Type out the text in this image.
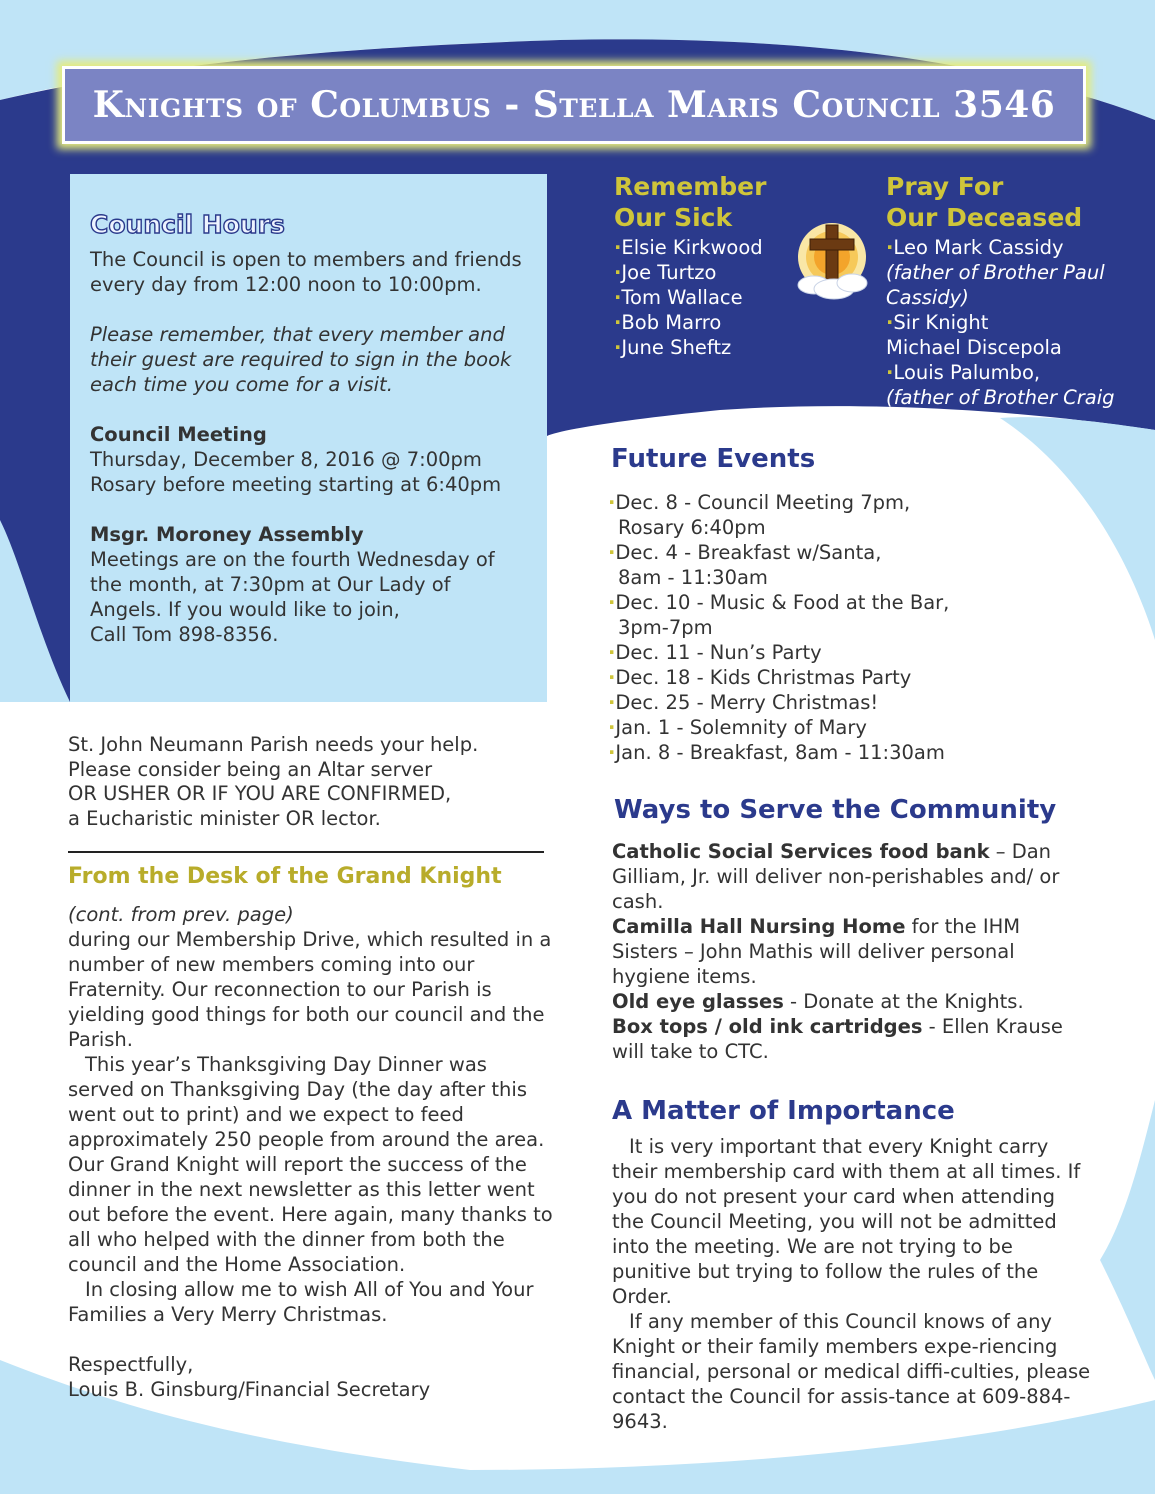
Knights of Columbus - Stella Maris Council 3546
Council Hours
The Council is open to members and friends every day from 12:00 noon to 10:00pm.
Please remember, that every member and their guest are required to sign in the book each time you come for a visit.
Council Meeting
Thursday, December 8, 2016 @ 7:00pm
Rosary before meeting starting at 6:40pm
Msgr. Moroney Assembly
Meetings are on the fourth Wednesday of the month, at 7:30pm at Our Lady of Angels. If you would like to join,
Call Tom 898-8356.
Remember
Our Sick
· Elsie Kirkwood
· Joe Turtzo
· Tom Wallace
· Bob Marro
· June Sheftz
Pray For
Our Deceased
· Leo Mark Cassidy
(father of Brother Paul Cassidy)
· Sir Knight
Michael Discepola
· Louis Palumbo,
(father of Brother Craig Palumbo)
Future Events
· Dec. 8 - Council Meeting 7pm,
Rosary 6:40pm
· Dec. 4 - Breakfast w/Santa,
8am - 11:30am
· Dec. 10 - Music & Food at the Bar,
3pm-7pm
· Dec. 11 - Nun’s Party
· Dec. 18 - Kids Christmas Party
· Dec. 25 - Merry Christmas!
· Jan. 1 - Solemnity of Mary
· Jan. 8 - Breakfast, 8am - 11:30am
Ways to Serve the Community
Catholic Social Services food bank – Dan Gilliam, Jr. will deliver non-perishables and/ or cash.
Camilla Hall Nursing Home for the IHM Sisters – John Mathis will deliver personal hygiene items.
Old eye glasses - Donate at the Knights.
Box tops / old ink cartridges - Ellen Krause will take to CTC.
A Matter of Importance
It is very important that every Knight carry their membership card with them at all times. If you do not present your card when attending the Council Meeting, you will not be admitted into the meeting. We are not trying to be punitive but trying to follow the rules of the Order.
If any member of this Council knows of any Knight or their family members expe-riencing financial, personal or medical diffi-culties, please contact the Council for assis-tance at 609-884-9643.
St. John Neumann Parish needs your help.
Please consider being an Altar server
OR USHER OR IF YOU ARE CONFIRMED,
a Eucharistic minister OR lector.
From the Desk of the Grand Knight
(cont. from prev. page)
during our Membership Drive, which resulted in a number of new members coming into our Fraternity. Our reconnection to our Parish is yielding good things for both our council and the Parish.
This year’s Thanksgiving Day Dinner was served on Thanksgiving Day (the day after this went out to print) and we expect to feed approximately 250 people from around the area. Our Grand Knight will report the success of the dinner in the next newsletter as this letter went out before the event. Here again, many thanks to all who helped with the dinner from both the council and the Home Association.
In closing allow me to wish All of You and Your Families a Very Merry Christmas.
Respectfully,
Louis B. Ginsburg/Financial Secretary
